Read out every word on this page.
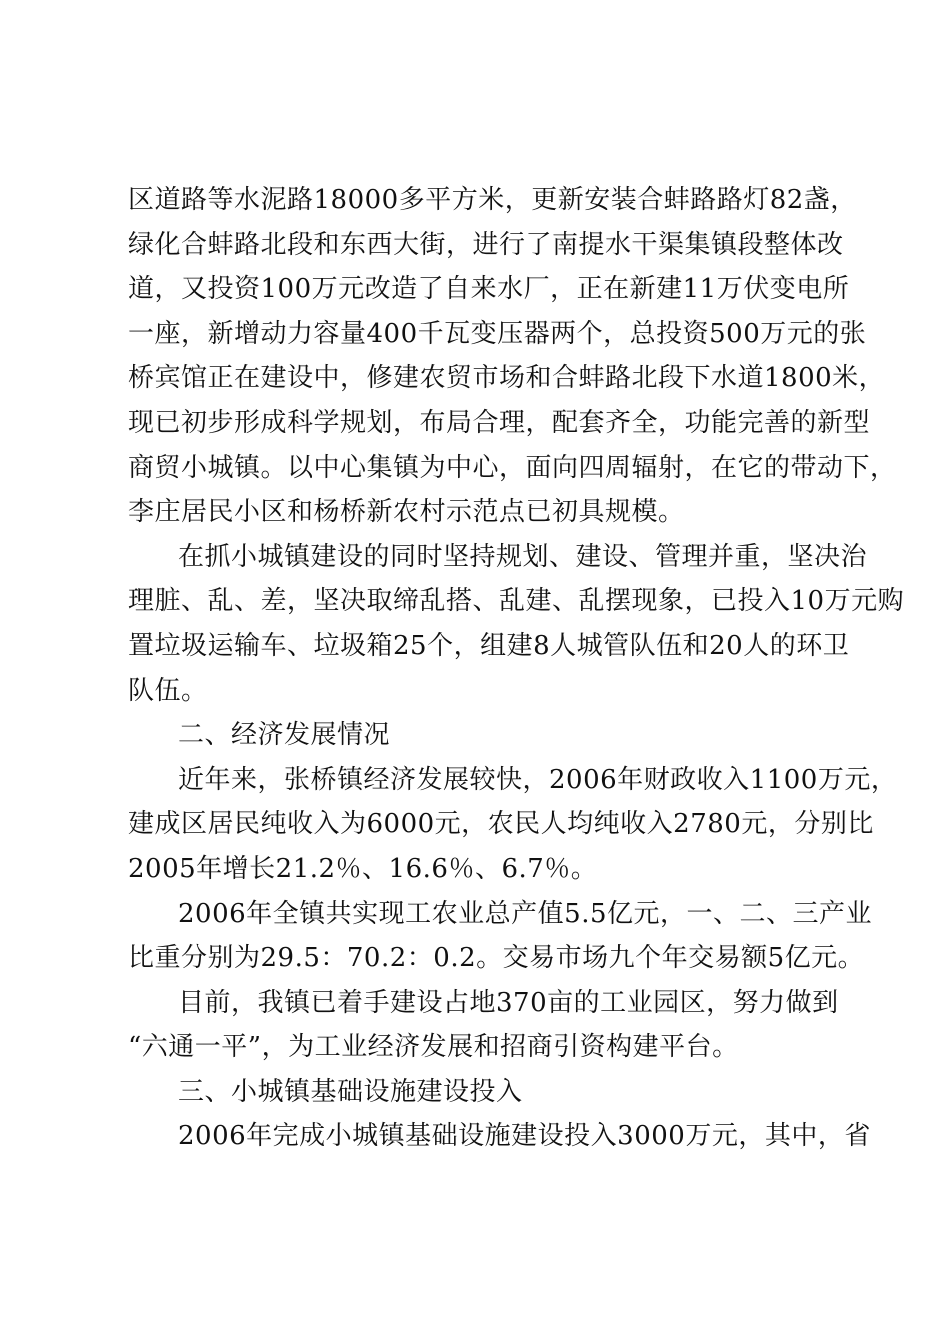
区道路等水泥路18000多平方米，更新安装合蚌路路灯82盏，
绿化合蚌路北段和东西大街，进行了南提水干渠集镇段整体改
道，又投资100万元改造了自来水厂，正在新建11万伏变电所
一座，新增动力容量400千瓦变压器两个，总投资500万元的张
桥宾馆正在建设中，修建农贸市场和合蚌路北段下水道1800米，
现已初步形成科学规划，布局合理，配套齐全，功能完善的新型
商贸小城镇。以中心集镇为中心，面向四周辐射，在它的带动下，
李庄居民小区和杨桥新农村示范点已初具规模。
在抓小城镇建设的同时坚持规划、建设、管理并重，坚决治
理脏、乱、差，坚决取缔乱搭、乱建、乱摆现象，已投入10万元购
置垃圾运输车、垃圾箱25个，组建8人城管队伍和20人的环卫
队伍。
二、经济发展情况
近年来，张桥镇经济发展较快，2006年财政收入1100万元，
建成区居民纯收入为6000元，农民人均纯收入2780元，分别比
2005年增长21.2％、16.6％、6.7％。
2006年全镇共实现工农业总产值5.5亿元，一、二、三产业
比重分别为29.5：70.2：0.2。交易市场九个年交易额5亿元。
目前，我镇已着手建设占地370亩的工业园区，努力做到
“六通一平”，为工业经济发展和招商引资构建平台。
三、小城镇基础设施建设投入
2006年完成小城镇基础设施建设投入3000万元，其中，省
